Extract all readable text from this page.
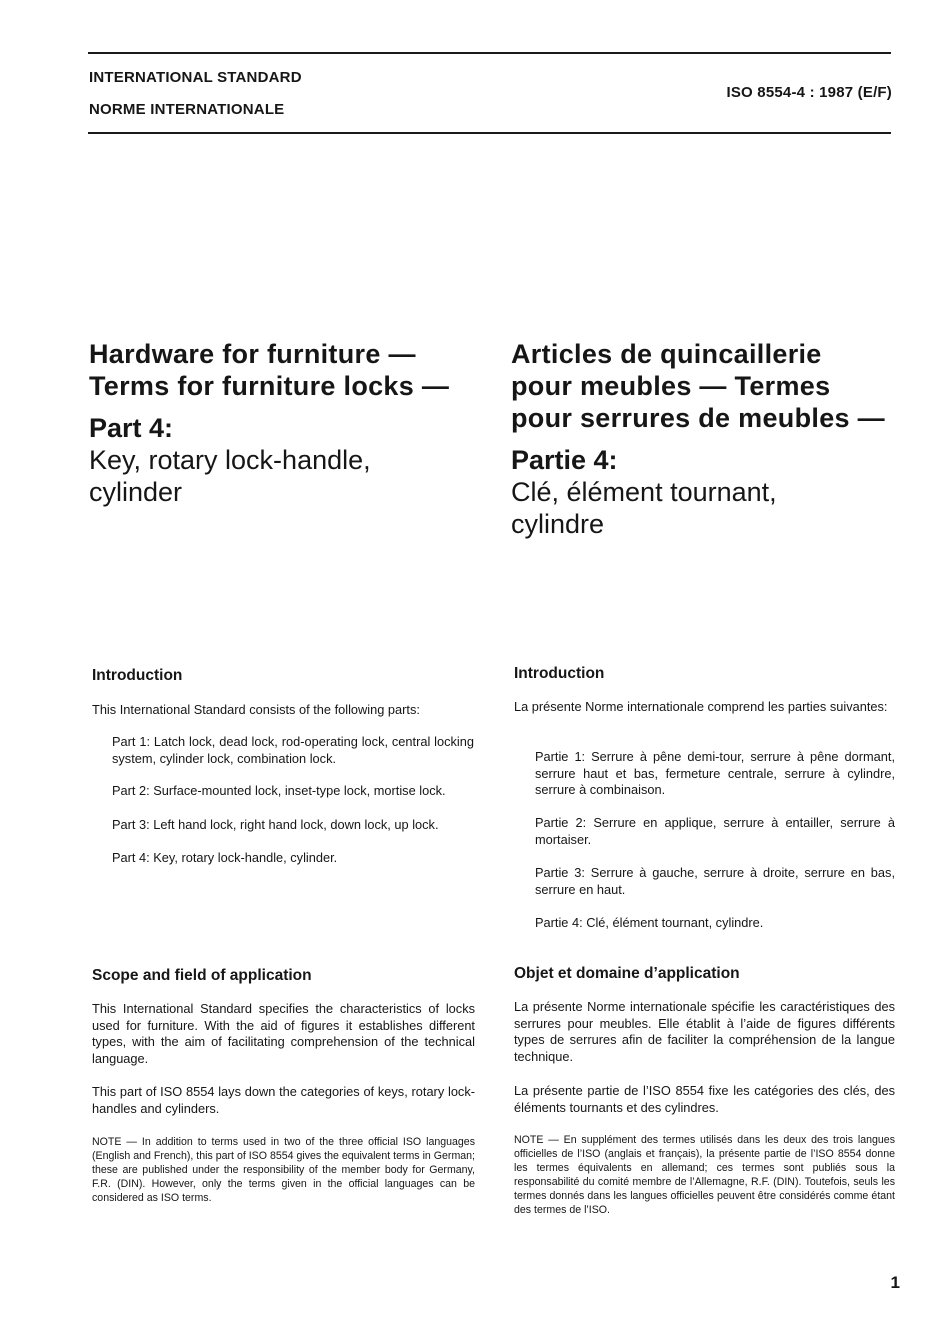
INTERNATIONAL STANDARD
NORME INTERNATIONALE
ISO 8554-4 : 1987 (E/F)
Hardware for furniture —
Terms for furniture locks —
Part 4:
Key, rotary lock-handle,
cylinder
Articles de quincaillerie
pour meubles — Termes
pour serrures de meubles —
Partie 4:
Clé, élément tournant,
cylindre
Introduction
This International Standard consists of the following parts:
Part 1: Latch lock, dead lock, rod-operating lock, central locking system, cylinder lock, combination lock.
Part 2: Surface-mounted lock, inset-type lock, mortise lock.
Part 3: Left hand lock, right hand lock, down lock, up lock.
Part 4: Key, rotary lock-handle, cylinder.
Introduction
La présente Norme internationale comprend les parties suivantes:
Partie 1: Serrure à pêne demi-tour, serrure à pêne dormant, serrure haut et bas, fermeture centrale, serrure à cylindre, serrure à combinaison.
Partie 2: Serrure en applique, serrure à entailler, serrure à mortaiser.
Partie 3: Serrure à gauche, serrure à droite, serrure en bas, serrure en haut.
Partie 4: Clé, élément tournant, cylindre.
Scope and field of application
This International Standard specifies the characteristics of locks used for furniture. With the aid of figures it establishes different types, with the aim of facilitating comprehension of the technical language.
This part of ISO 8554 lays down the categories of keys, rotary lock-handles and cylinders.
NOTE — In addition to terms used in two of the three official ISO languages (English and French), this part of ISO 8554 gives the equivalent terms in German; these are published under the responsibility of the member body for Germany, F.R. (DIN). However, only the terms given in the official languages can be considered as ISO terms.
Objet et domaine d’application
La présente Norme internationale spécifie les caractéristiques des serrures pour meubles. Elle établit à l’aide de figures différents types de serrures afin de faciliter la compréhension de la langue technique.
La présente partie de l’ISO 8554 fixe les catégories des clés, des éléments tournants et des cylindres.
NOTE — En supplément des termes utilisés dans les deux des trois langues officielles de l’ISO (anglais et français), la présente partie de l’ISO 8554 donne les termes équivalents en allemand; ces termes sont publiés sous la responsabilité du comité membre de l’Allemagne, R.F. (DIN). Toutefois, seuls les termes donnés dans les langues officielles peuvent être considérés comme étant des termes de l’ISO.
1
